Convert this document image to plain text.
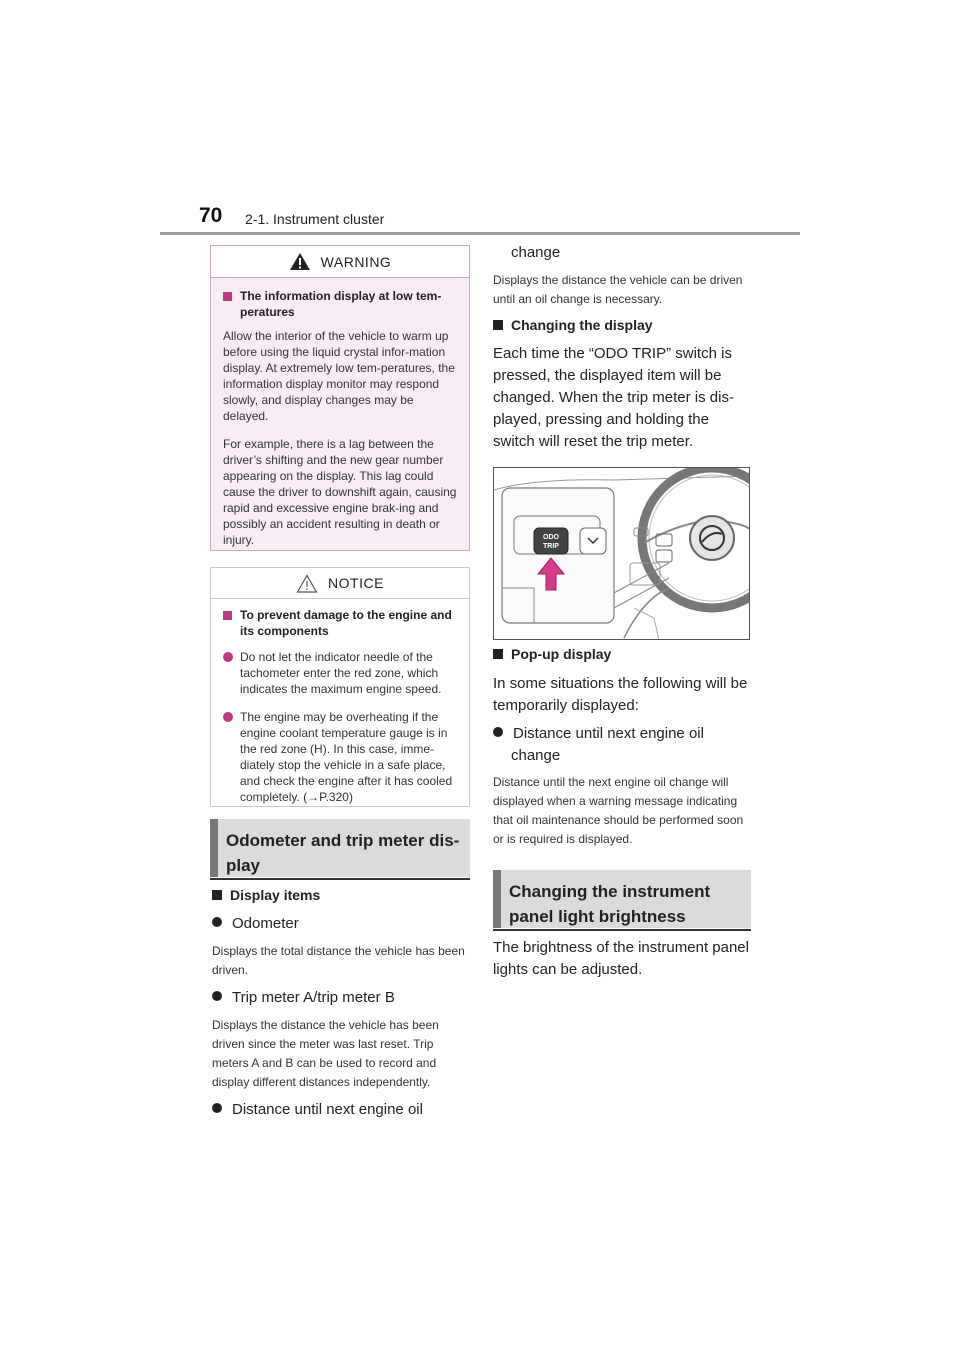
70 2-1. Instrument cluster
WARNING
The information display at low tem-peratures

Allow the interior of the vehicle to warm up before using the liquid crystal infor-mation display. At extremely low tem-peratures, the information display monitor may respond slowly, and display changes may be delayed.

For example, there is a lag between the driver’s shifting and the new gear number appearing on the display. This lag could cause the driver to downshift again, causing rapid and excessive engine brak-ing and possibly an accident resulting in death or injury.

NOTICE
To prevent damage to the engine and its components
Do not let the indicator needle of the tachometer enter the red zone, which indicates the maximum engine speed.
The engine may be overheating if the engine coolant temperature gauge is in the red zone (H). In this case, imme-diately stop the vehicle in a safe place, and check the engine after it has cooled completely. (→P.320)
Odometer and trip meter dis-play
Display items
Odometer
Displays the total distance the vehicle has been driven.
Trip meter A/trip meter B
Displays the distance the vehicle has been driven since the meter was last reset. Trip meters A and B can be used to record and display different distances independently.
Distance until next engine oil
change
Displays the distance the vehicle can be driven until an oil change is necessary.
Changing the display
Each time the “ODO TRIP” switch is pressed, the displayed item will be changed. When the trip meter is dis-played, pressing and holding the switch will reset the trip meter.
ODO
TRIP
Pop-up display
In some situations the following will be temporarily displayed:
Distance until next engine oil change
Distance until the next engine oil change will displayed when a warning message indicating that oil maintenance should be performed soon or is required is displayed.
Changing the instrument panel light brightness
The brightness of the instrument panel lights can be adjusted.
